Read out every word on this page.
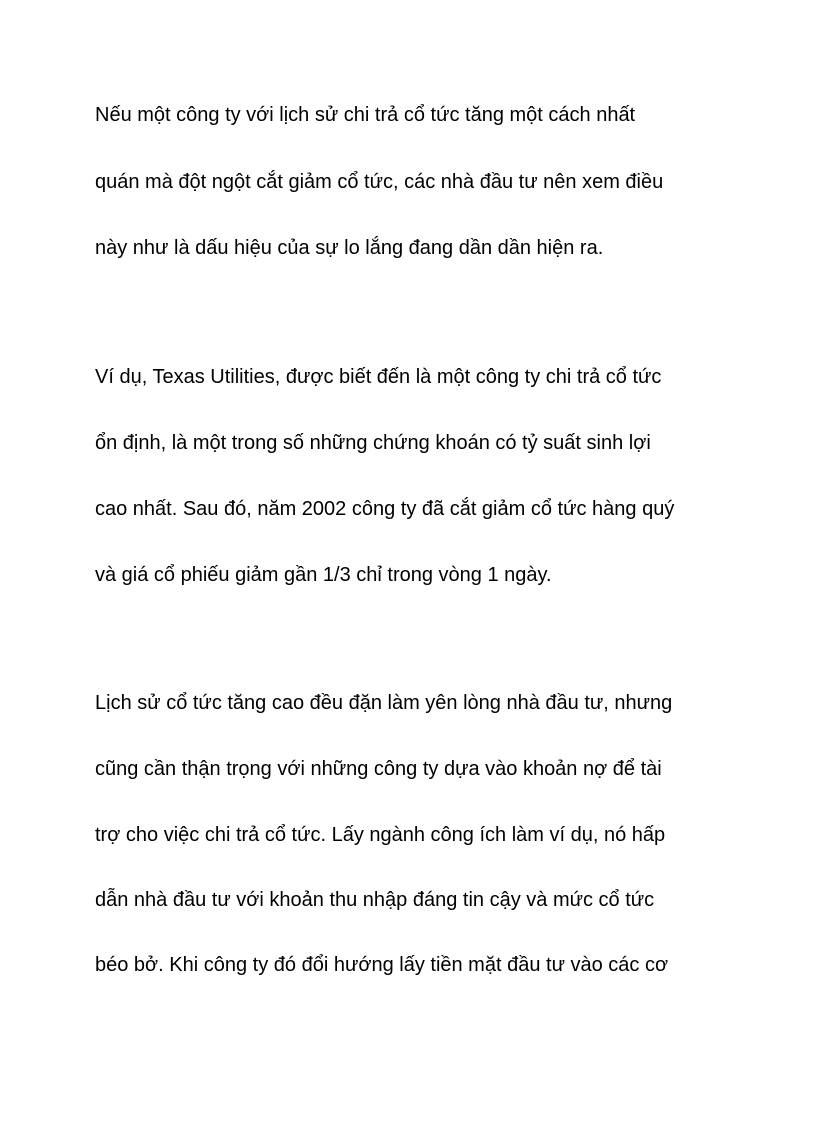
Nếu một công ty với lịch sử chi trả cổ tức tăng một cách nhất
quán mà đột ngột cắt giảm cổ tức, các nhà đầu tư nên xem điều
này như là dấu hiệu của sự lo lắng đang dần dần hiện ra.
Ví dụ, Texas Utilities, được biết đến là một công ty chi trả cổ tức
ổn định, là một trong số những chứng khoán có tỷ suất sinh lợi
cao nhất. Sau đó, năm 2002 công ty đã cắt giảm cổ tức hàng quý
và giá cổ phiếu giảm gần 1/3 chỉ trong vòng 1 ngày.
Lịch sử cổ tức tăng cao đều đặn làm yên lòng nhà đầu tư, nhưng
cũng cần thận trọng với những công ty dựa vào khoản nợ để tài
trợ cho việc chi trả cổ tức. Lấy ngành công ích làm ví dụ, nó hấp
dẫn nhà đầu tư với khoản thu nhập đáng tin cậy và mức cổ tức
béo bở. Khi công ty đó đổi hướng lấy tiền mặt đầu tư vào các cơ
